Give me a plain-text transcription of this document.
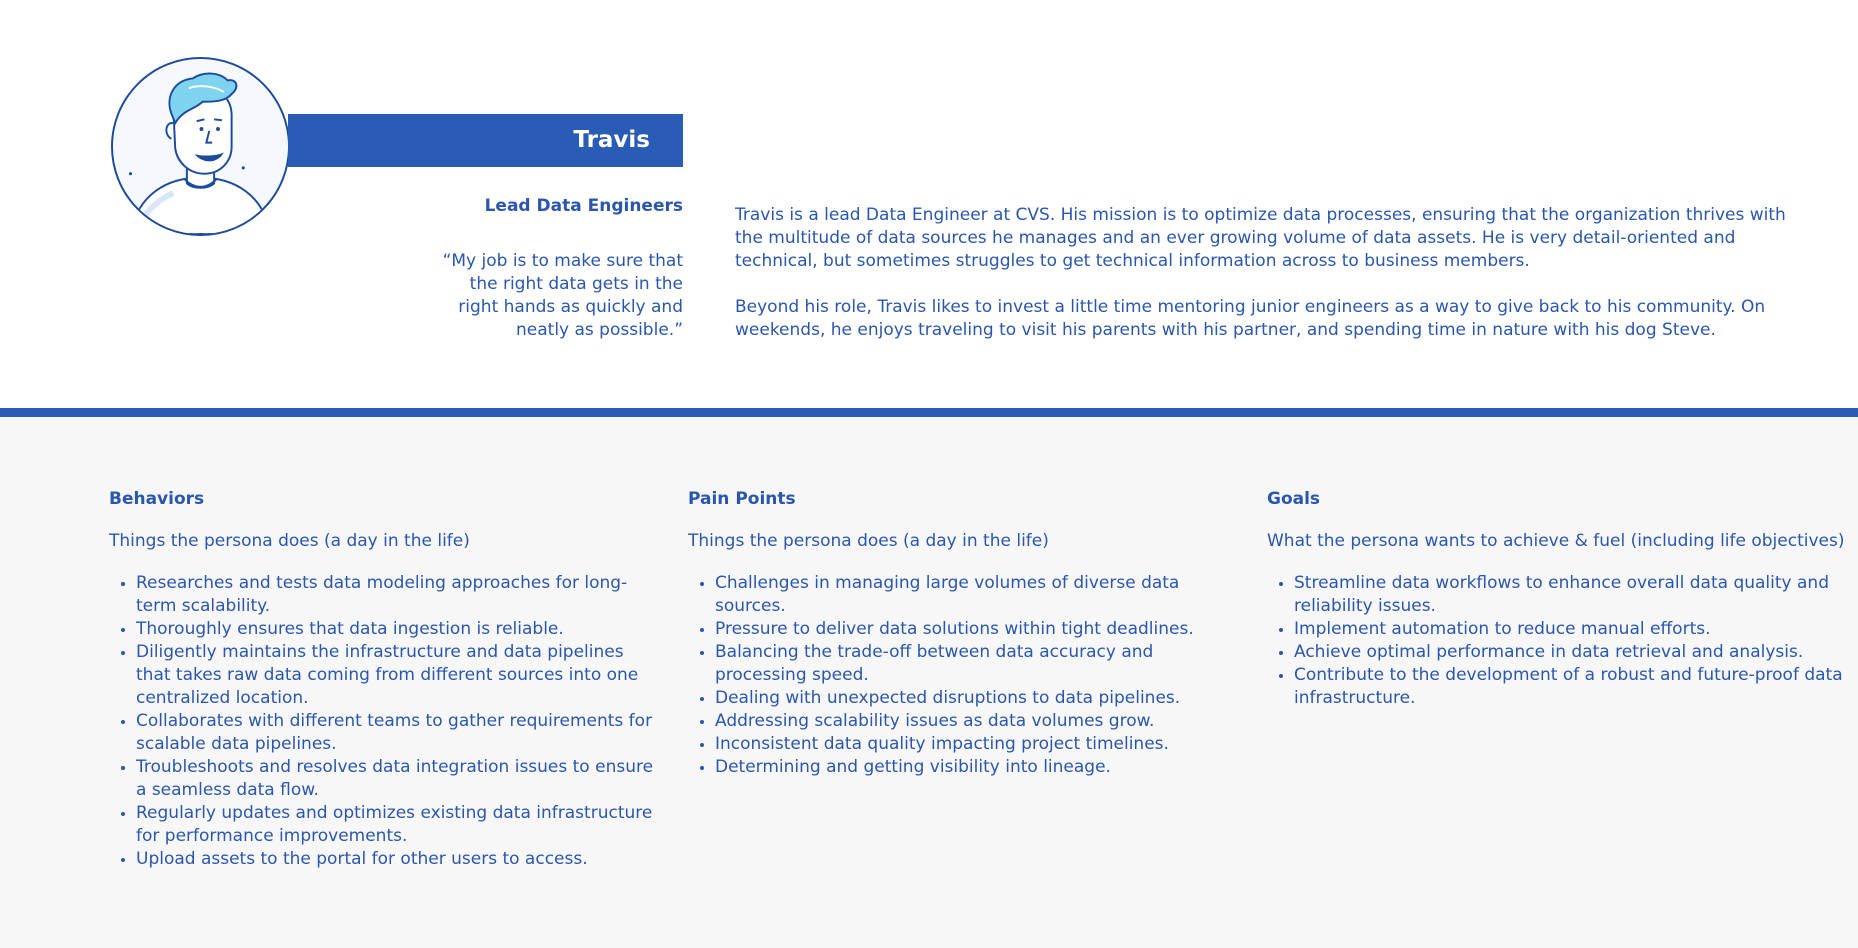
Travis
Lead Data Engineers
“My job is to make sure that the right data gets in the right hands as quickly and neatly as possible.”

Travis is a lead Data Engineer at CVS. His mission is to optimize data processes, ensuring that the organization thrives with the multitude of data sources he manages and an ever growing volume of data assets. He is very detail-oriented and technical, but sometimes struggles to get technical information across to business members.

Beyond his role, Travis likes to invest a little time mentoring junior engineers as a way to give back to his community. On weekends, he enjoys traveling to visit his parents with his partner, and spending time in nature with his dog Steve.

Behaviors
Things the persona does (a day in the life)
Researches and tests data modeling approaches for long-term scalability.
Thoroughly ensures that data ingestion is reliable.
Diligently maintains the infrastructure and data pipelines that takes raw data coming from different sources into one centralized location.
Collaborates with different teams to gather requirements for scalable data pipelines.
Troubleshoots and resolves data integration issues to ensure a seamless data flow.
Regularly updates and optimizes existing data infrastructure for performance improvements.
Upload assets to the portal for other users to access.
Pain Points
Things the persona does (a day in the life)
Challenges in managing large volumes of diverse data sources.
Pressure to deliver data solutions within tight deadlines.
Balancing the trade-off between data accuracy and processing speed.
Dealing with unexpected disruptions to data pipelines.
Addressing scalability issues as data volumes grow.
Inconsistent data quality impacting project timelines.
Determining and getting visibility into lineage.
Goals
What the persona wants to achieve & fuel (including life objectives)
Streamline data workflows to enhance overall data quality and reliability issues.
Implement automation to reduce manual efforts.
Achieve optimal performance in data retrieval and analysis.
Contribute to the development of a robust and future-proof data infrastructure.
